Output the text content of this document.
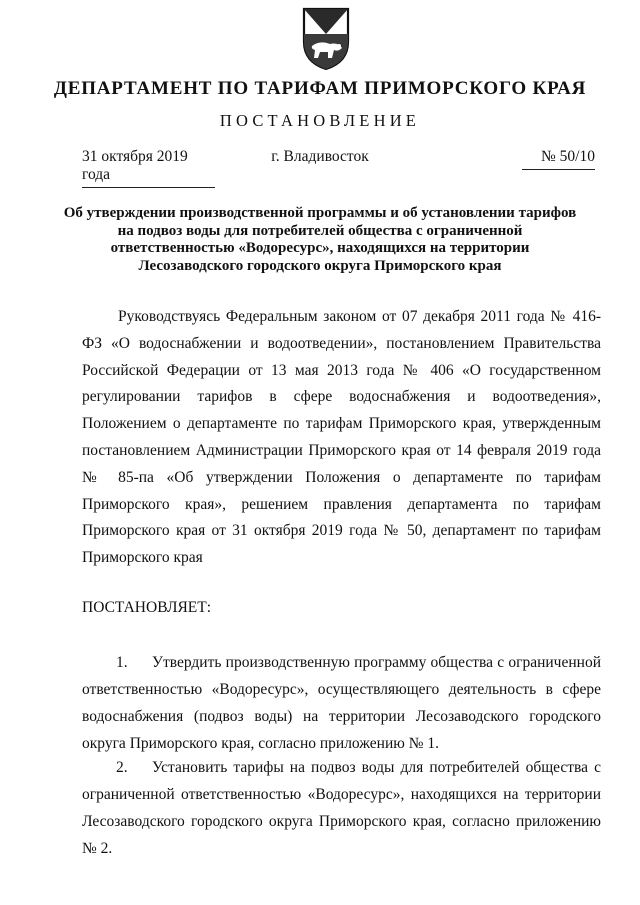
ДЕПАРТАМЕНТ ПО ТАРИФАМ ПРИМОРСКОГО КРАЯ
ПОСТАНОВЛЕНИЕ
31 октября 2019 года
г. Владивосток	№ 50/10
Об утверждении производственной программы и об установлении тарифов на подвоз воды для потребителей общества с ограниченной ответственностью «Водоресурс», находящихся на территории Лесозаводского городского округа Приморского края
Руководствуясь Федеральным законом от 07 декабря 2011 года № 416-ФЗ «О водоснабжении и водоотведении», постановлением Правительства Российской Федерации от 13 мая 2013 года № 406 «О государственном регулировании тарифов в сфере водоснабжения и водоотведения», Положением о департаменте по тарифам Приморского края, утвержденным постановлением Администрации Приморского края от 14 февраля 2019 года № 85-па «Об утверждении Положения о департаменте по тарифам Приморского края», решением правления департамента по тарифам Приморского края от 31 октября 2019 года № 50, департамент по тарифам Приморского края
ПОСТАНОВЛЯЕТ:
1. Утвердить производственную программу общества с ограниченной ответственностью «Водоресурс», осуществляющего деятельность в сфере водоснабжения (подвоз воды) на территории Лесозаводского городского округа Приморского края, согласно приложению № 1.
2. Установить тарифы на подвоз воды для потребителей общества с ограниченной ответственностью «Водоресурс», находящихся на территории Лесозаводского городского округа Приморского края, согласно приложению № 2.
